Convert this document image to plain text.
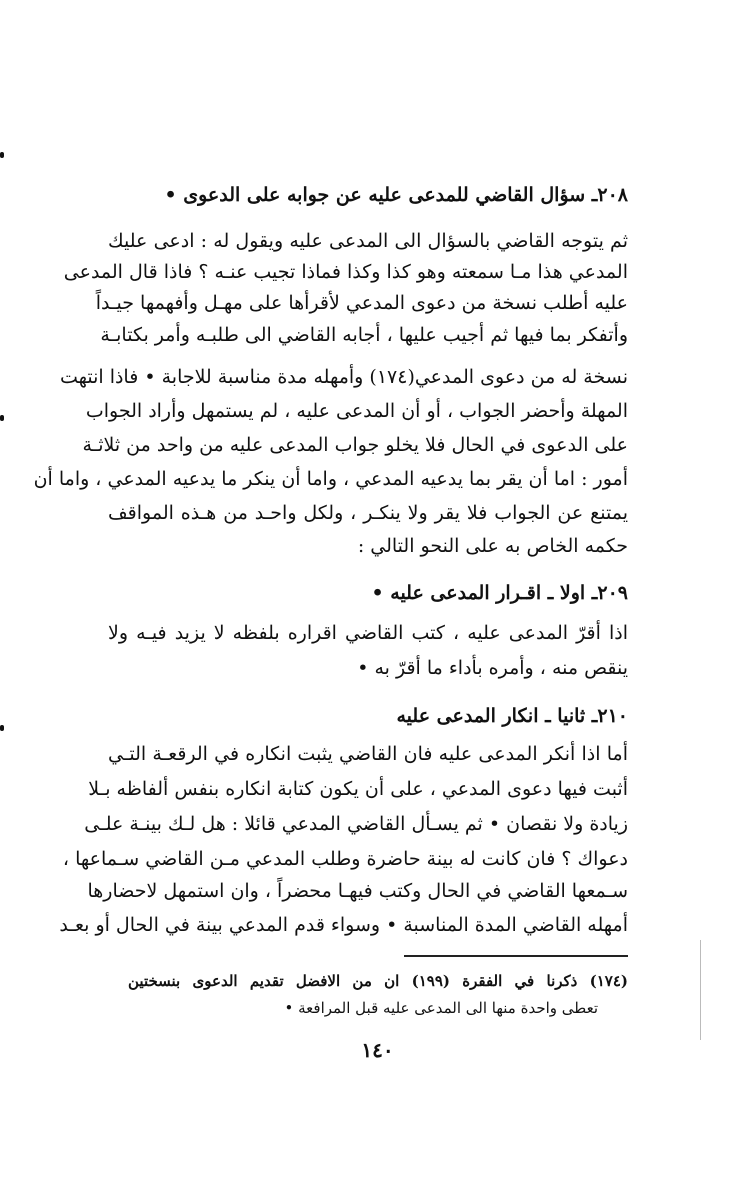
٢٠٨ـ سؤال القاضي للمدعى عليه عن جوابه على الدعوى •
ثم يتوجه القاضي بالسؤال الى المدعى عليه ويقول له : ادعى عليك
المدعي هذا مـا سمعته وهو كذا وكذا فماذا تجيب عنـه ؟ فاذا قال المدعى
عليه أطلب نسخة من دعوى المدعي لأقرأها على مهـل وأفهمها جيـداً
وأتفكر بما فيها ثم أجيب عليها ، أجابه القاضي الى طلبـه وأمر بكتابـة
نسخة له من دعوى المدعي(١٧٤) وأمهله مدة مناسبة للاجابة • فاذا انتهت
المهلة وأحضر الجواب ، أو أن المدعى عليه ، لم يستمهل وأراد الجواب
على الدعوى في الحال فلا يخلو جواب المدعى عليه من واحد من ثلاثـة
أمور : اما أن يقر بما يدعيه المدعي ، واما أن ينكر ما يدعيه المدعي ، واما أن
يمتنع عن الجواب فلا يقر ولا ينكـر ، ولكل واحـد من هـذه المواقف
حكمه الخاص به على النحو التالي :
٢٠٩ـ اولا ـ اقـرار المدعى عليه •
اذا أقرّ المدعى عليه ، كتب القاضي اقراره بلفظه لا يزيد فيـه ولا
ينقص منه ، وأمره بأداء ما أقرّ به •
٢١٠ـ ثانيا ـ انكار المدعى عليه
أما اذا أنكر المدعى عليه فان القاضي يثبت انكاره في الرقعـة التـي
أثبت فيها دعوى المدعي ، على أن يكون كتابة انكاره بنفس ألفاظه بـلا
زيادة ولا نقصان • ثم يسـأل القاضي المدعي قائلا : هل لـك بينـة علـى
دعواك ؟ فان كانت له بينة حاضرة وطلب المدعي مـن القاضي سـماعها ،
سـمعها القاضي في الحال وكتب فيهـا محضراً ، وان استمهل لاحضارها
أمهله القاضي المدة المناسبة • وسواء قدم المدعي بينة في الحال أو بعـد
(١٧٤) ذكرنا في الفقرة (١٩٩) ان من الافضل تقديم الدعوى بنسختين
تعطى واحدة منها الى المدعى عليه قبل المرافعة •
١٤٠
